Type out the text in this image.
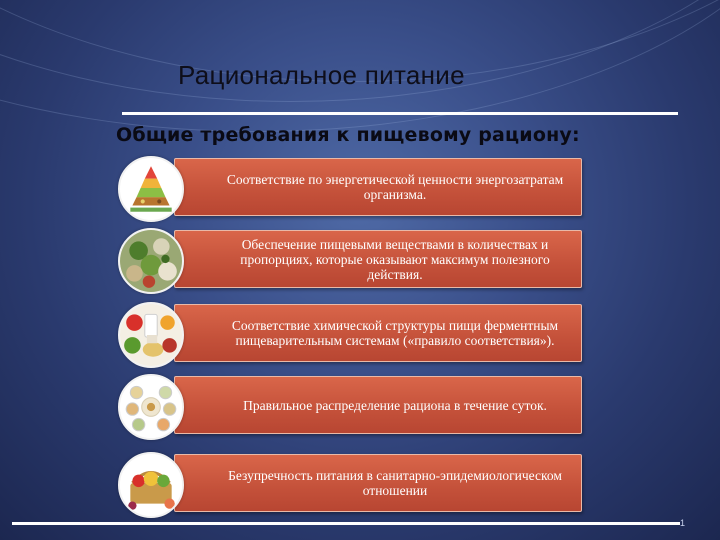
Рациональное питание
Общие требования к пищевому рациону:
Соответствие по энергетической ценности энергозатратам организма.
Обеспечение пищевыми веществами в количествах и пропорциях, которые оказывают максимум полезного действия.
Соответствие химической структуры пищи ферментным пищеварительным системам («правило соответствия»).
Правильное распределение рациона в течение суток.
Безупречность питания в санитарно-эпидемиологическом отношении
1
